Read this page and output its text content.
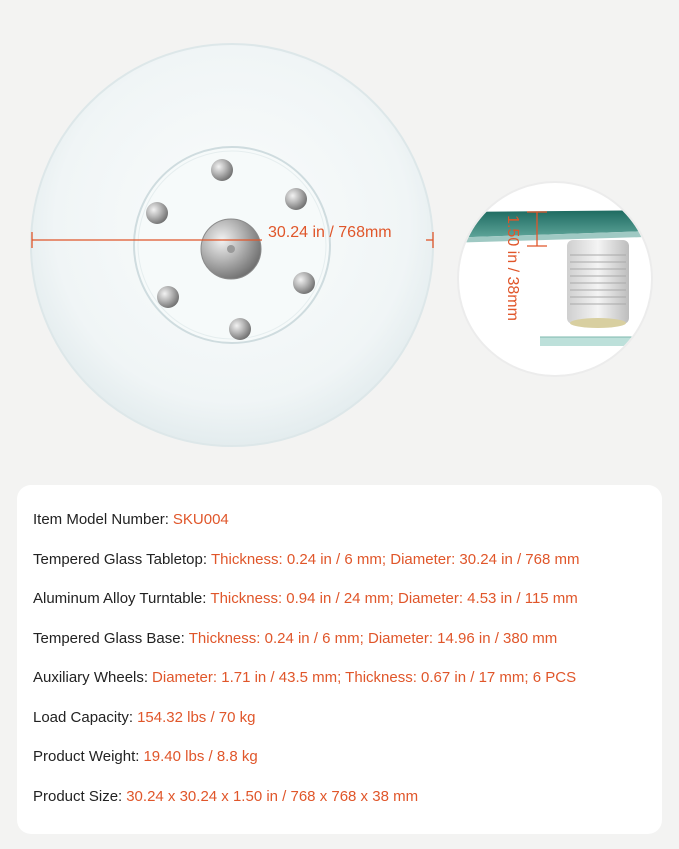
30.24 in / 768mm	1.50 in / 38mm
Item Model Number: SKU004
Tempered Glass Tabletop: Thickness: 0.24 in / 6 mm; Diameter: 30.24 in / 768 mm
Aluminum Alloy Turntable: Thickness: 0.94 in / 24 mm; Diameter: 4.53 in / 115 mm
Tempered Glass Base: Thickness: 0.24 in / 6 mm; Diameter: 14.96 in / 380 mm
Auxiliary Wheels: Diameter: 1.71 in / 43.5 mm; Thickness: 0.67 in / 17 mm; 6 PCS
Load Capacity: 154.32 lbs / 70 kg
Product Weight: 19.40 lbs / 8.8 kg
Product Size: 30.24 x 30.24 x 1.50 in / 768 x 768 x 38 mm
